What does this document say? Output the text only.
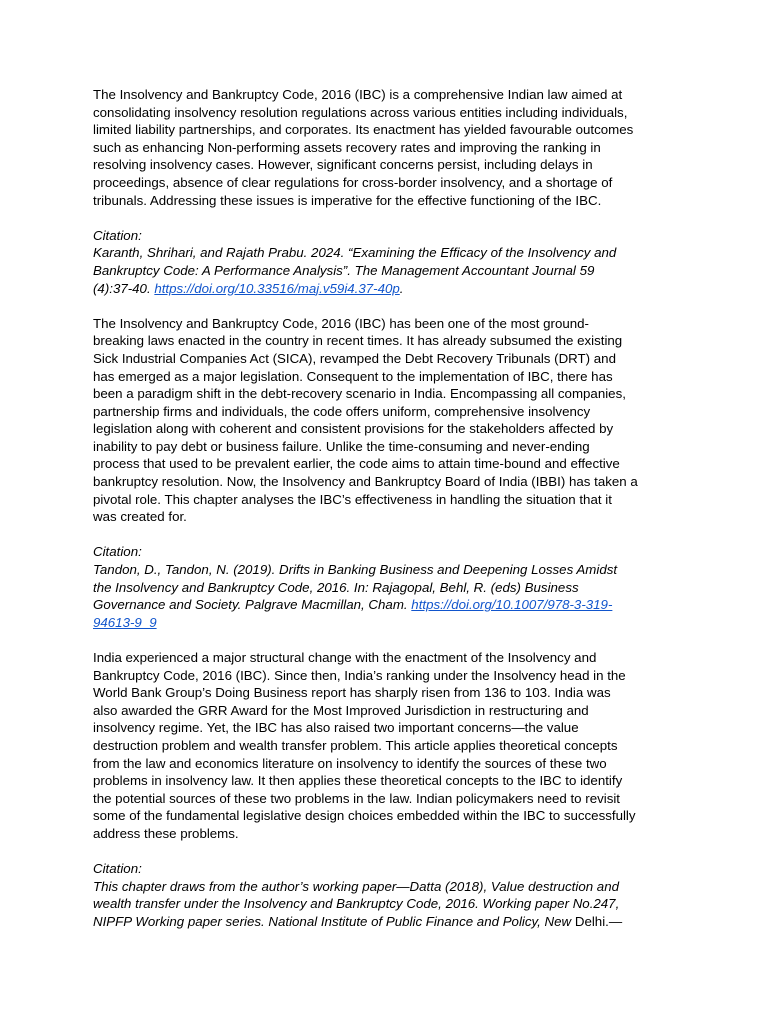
The Insolvency and Bankruptcy Code, 2016 (IBC) is a comprehensive Indian law aimed at
consolidating insolvency resolution regulations across various entities including individuals,
limited liability partnerships, and corporates. Its enactment has yielded favourable outcomes
such as enhancing Non-performing assets recovery rates and improving the ranking in
resolving insolvency cases. However, significant concerns persist, including delays in
proceedings, absence of clear regulations for cross-border insolvency, and a shortage of
tribunals. Addressing these issues is imperative for the effective functioning of the IBC.

Citation:
Karanth, Shrihari, and Rajath Prabu. 2024. “Examining the Efficacy of the Insolvency and
Bankruptcy Code: A Performance Analysis”. The Management Accountant Journal 59
(4):37-40. https://doi.org/10.33516/maj.v59i4.37-40p.

The Insolvency and Bankruptcy Code, 2016 (IBC) has been one of the most ground-
breaking laws enacted in the country in recent times. It has already subsumed the existing
Sick Industrial Companies Act (SICA), revamped the Debt Recovery Tribunals (DRT) and
has emerged as a major legislation. Consequent to the implementation of IBC, there has
been a paradigm shift in the debt-recovery scenario in India. Encompassing all companies,
partnership firms and individuals, the code offers uniform, comprehensive insolvency
legislation along with coherent and consistent provisions for the stakeholders affected by
inability to pay debt or business failure. Unlike the time-consuming and never-ending
process that used to be prevalent earlier, the code aims to attain time-bound and effective
bankruptcy resolution. Now, the Insolvency and Bankruptcy Board of India (IBBI) has taken a
pivotal role. This chapter analyses the IBC’s effectiveness in handling the situation that it
was created for.

Citation:
Tandon, D., Tandon, N. (2019). Drifts in Banking Business and Deepening Losses Amidst
the Insolvency and Bankruptcy Code, 2016. In: Rajagopal, Behl, R. (eds) Business
Governance and Society. Palgrave Macmillan, Cham. https://doi.org/10.1007/978-3-319-
94613-9_9

India experienced a major structural change with the enactment of the Insolvency and
Bankruptcy Code, 2016 (IBC). Since then, India’s ranking under the Insolvency head in the
World Bank Group’s Doing Business report has sharply risen from 136 to 103. India was
also awarded the GRR Award for the Most Improved Jurisdiction in restructuring and
insolvency regime. Yet, the IBC has also raised two important concerns—the value
destruction problem and wealth transfer problem. This article applies theoretical concepts
from the law and economics literature on insolvency to identify the sources of these two
problems in insolvency law. It then applies these theoretical concepts to the IBC to identify
the potential sources of these two problems in the law. Indian policymakers need to revisit
some of the fundamental legislative design choices embedded within the IBC to successfully
address these problems.

Citation:
This chapter draws from the author’s working paper—Datta (2018), Value destruction and
wealth transfer under the Insolvency and Bankruptcy Code, 2016. Working paper No.247,
NIPFP Working paper series. National Institute of Public Finance and Policy, New Delhi.—
